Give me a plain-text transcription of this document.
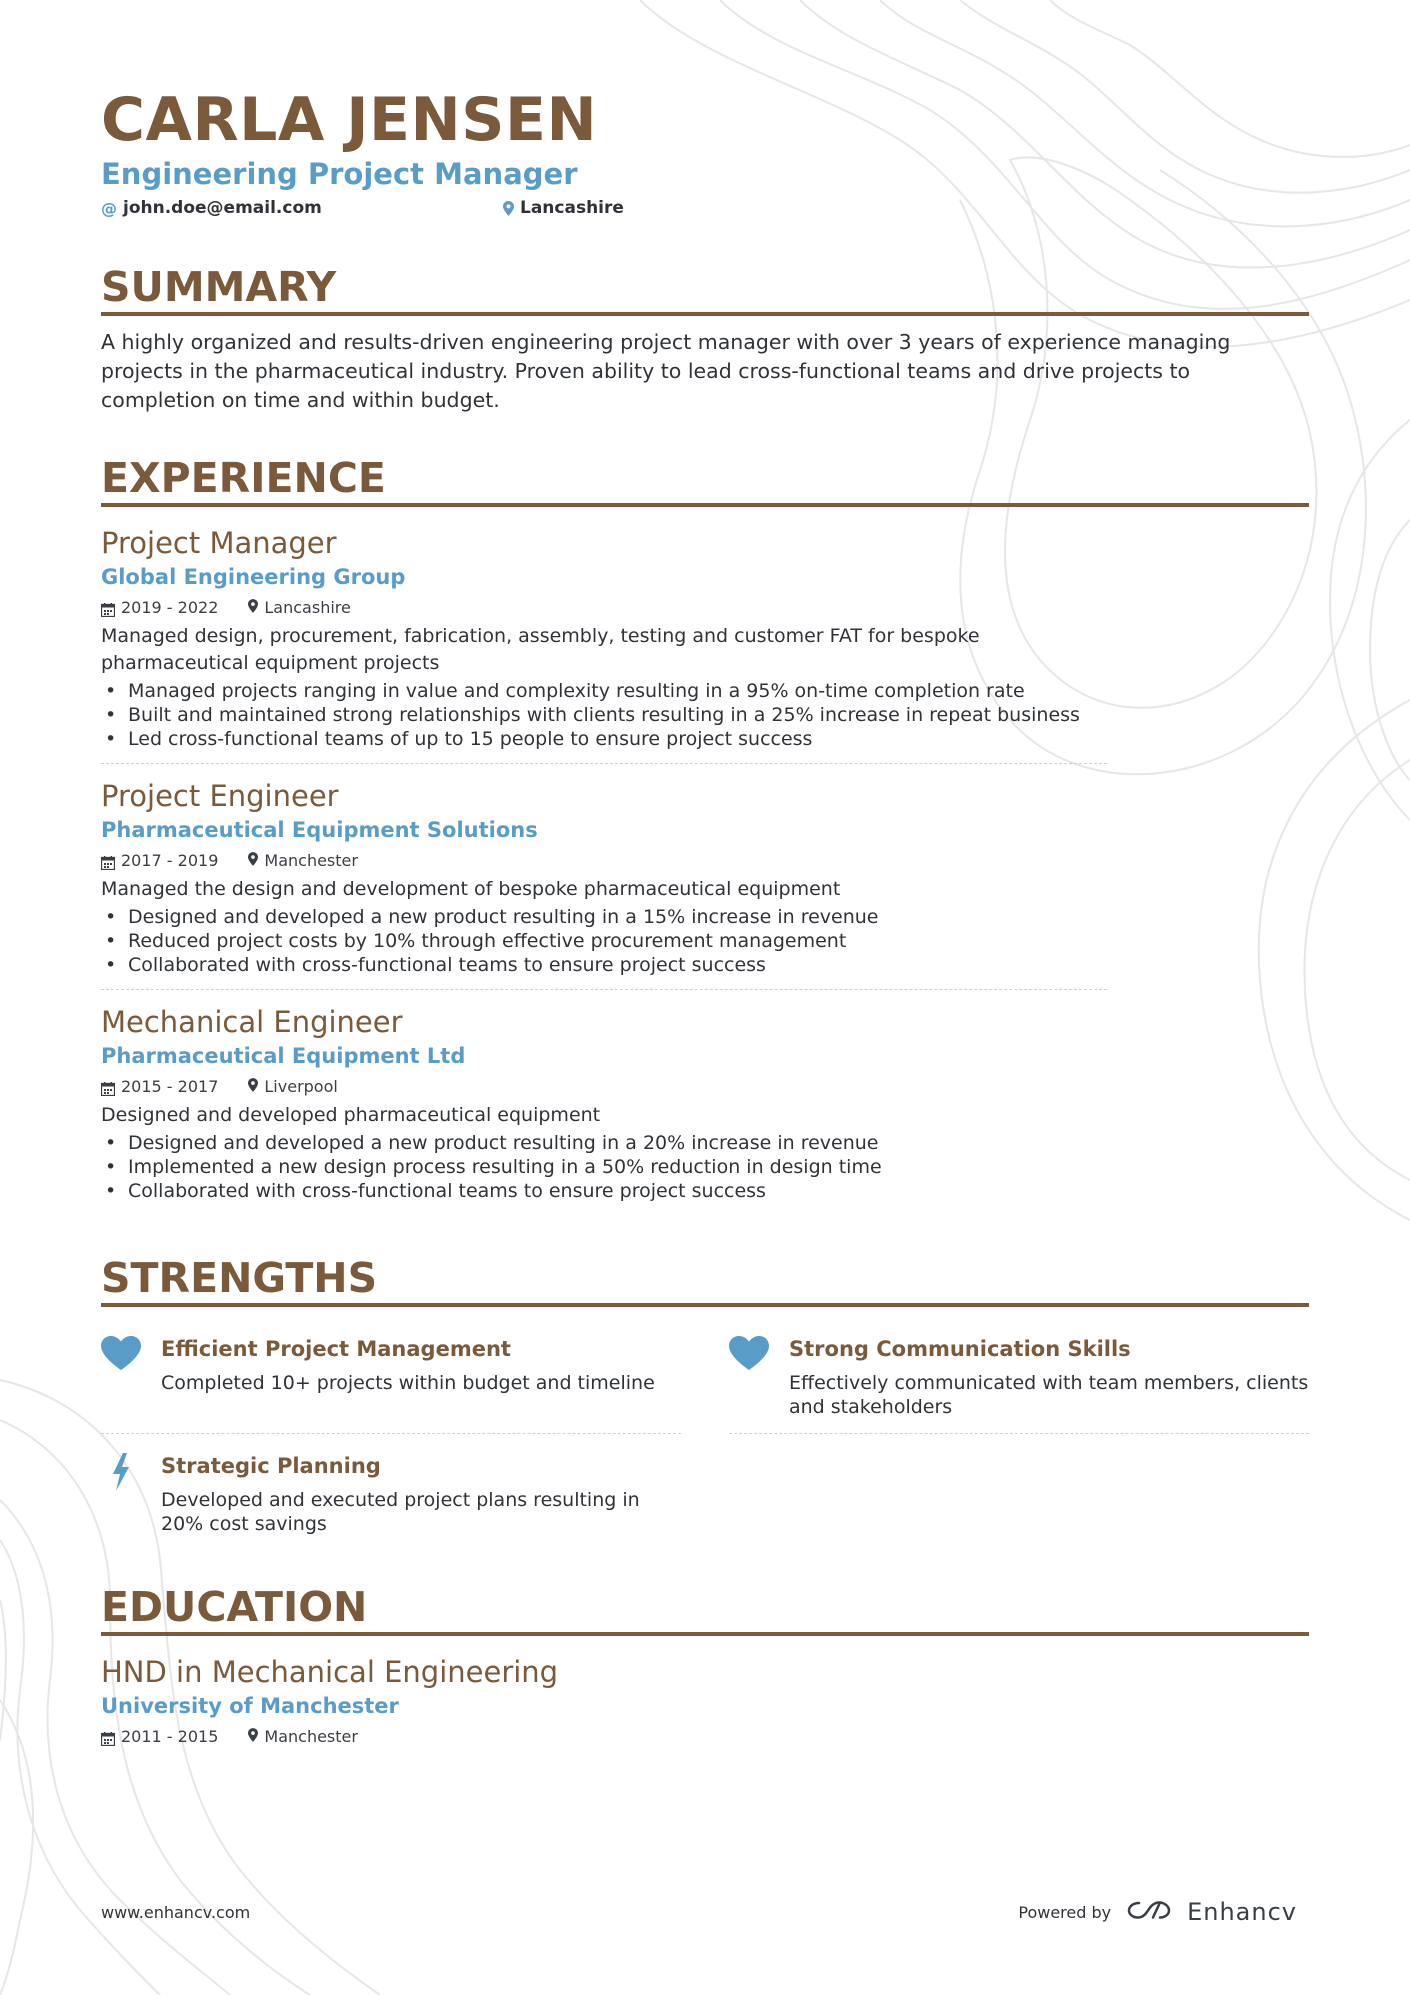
CARLA JENSEN
Engineering Project Manager
@ john.doe@email.com	Lancashire
SUMMARY
A highly organized and results-driven engineering project manager with over 3 years of experience managing projects in the pharmaceutical industry. Proven ability to lead cross-functional teams and drive projects to completion on time and within budget.
EXPERIENCE
Project Manager
Global Engineering Group
2019 - 2022	Lancashire
Managed design, procurement, fabrication, assembly, testing and customer FAT for bespoke pharmaceutical equipment projects
• Managed projects ranging in value and complexity resulting in a 95% on-time completion rate
• Built and maintained strong relationships with clients resulting in a 25% increase in repeat business
• Led cross-functional teams of up to 15 people to ensure project success
Project Engineer
Pharmaceutical Equipment Solutions
2017 - 2019	Manchester
Managed the design and development of bespoke pharmaceutical equipment
• Designed and developed a new product resulting in a 15% increase in revenue
• Reduced project costs by 10% through effective procurement management
• Collaborated with cross-functional teams to ensure project success
Mechanical Engineer
Pharmaceutical Equipment Ltd
2015 - 2017	Liverpool
Designed and developed pharmaceutical equipment
• Designed and developed a new product resulting in a 20% increase in revenue
• Implemented a new design process resulting in a 50% reduction in design time
• Collaborated with cross-functional teams to ensure project success
STRENGTHS
Efficient Project Management
Completed 10+ projects within budget and timeline
Strong Communication Skills
Effectively communicated with team members, clients and stakeholders
Strategic Planning
Developed and executed project plans resulting in 20% cost savings
EDUCATION
HND in Mechanical Engineering
University of Manchester
2011 - 2015	Manchester
www.enhancv.com	Powered by	Enhancv
